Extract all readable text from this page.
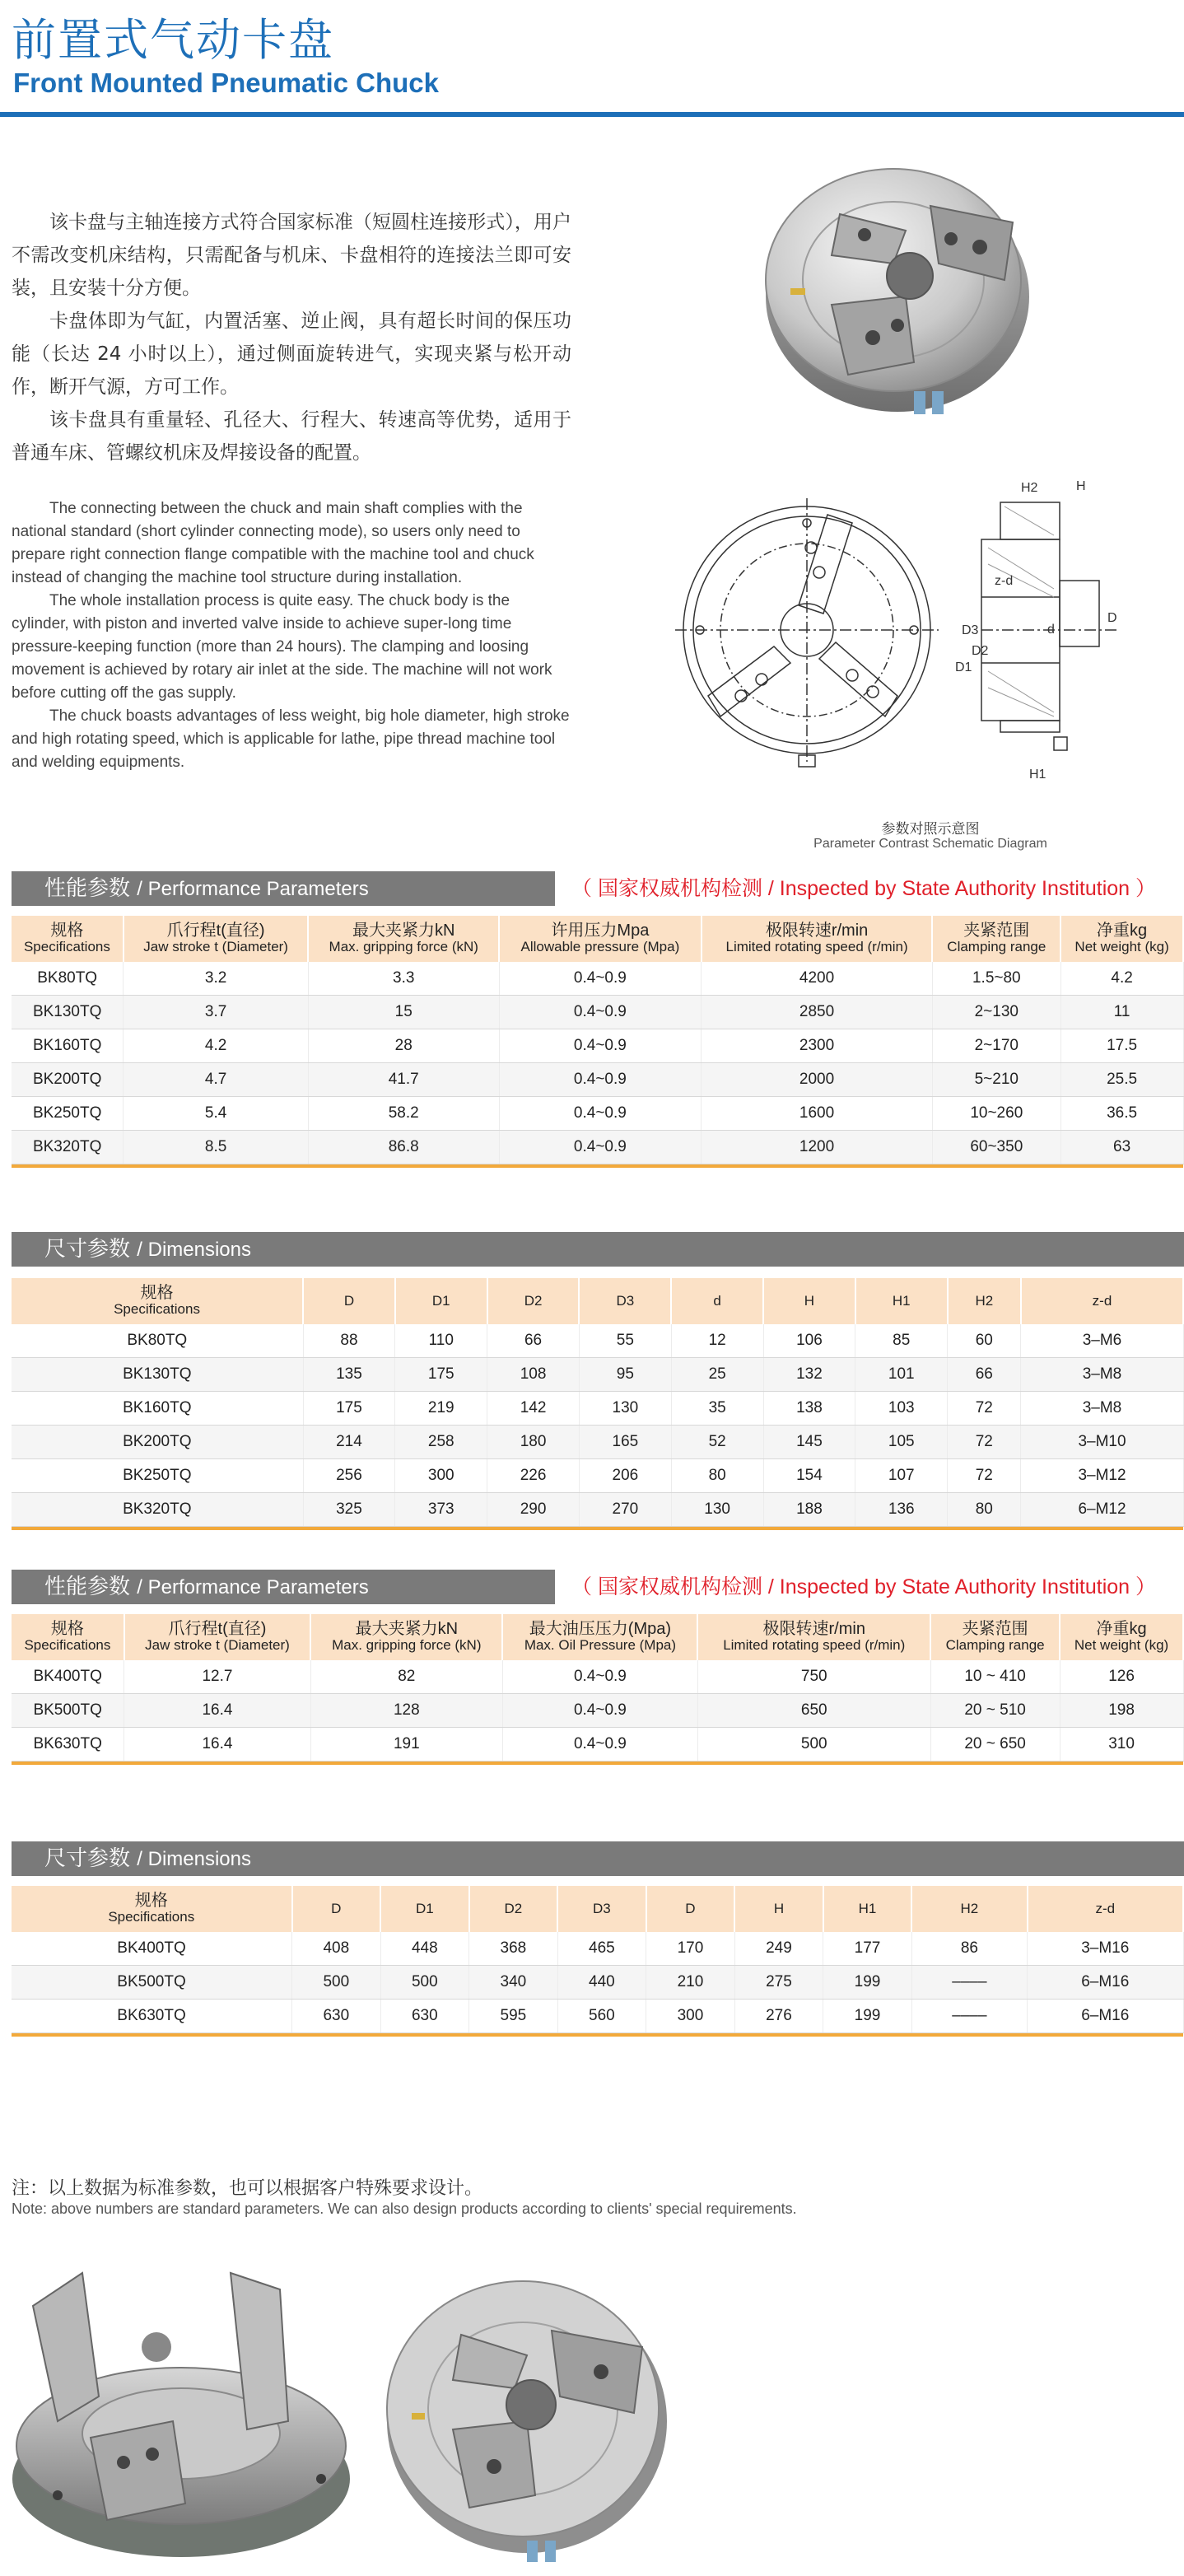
前置式气动卡盘
Front Mounted Pneumatic Chuck

该卡盘与主轴连接方式符合国家标准（短圆柱连接形式），用户不需改变机床结构，只需配备与机床、卡盘相符的连接法兰即可安装，且安装十分方便。

卡盘体即为气缸，内置活塞、逆止阀，具有超长时间的保压功能（长达 24 小时以上），通过侧面旋转进气，实现夹紧与松开动作，断开气源，方可工作。

该卡盘具有重量轻、孔径大、行程大、转速高等优势，适用于普通车床、管螺纹机床及焊接设备的配置。

The connecting between the chuck and main shaft complies with the national standard (short cylinder connecting mode), so users only need to prepare right connection flange compatible with the machine tool and chuck instead of changing the machine tool structure during installation.

The whole installation process is quite easy. The chuck body is the cylinder, with piston and inverted valve inside to achieve super-long time pressure-keeping function (more than 24 hours). The clamping and loosing movement is achieved by rotary air inlet at the side. The machine will not work before cutting off the gas supply.

The chuck boasts advantages of less weight, big hole diameter, high stroke and high rotating speed, which is applicable for lathe, pipe thread machine tool and welding equipments.

H2	H
D3
D2
D1
d
D
H1
z-d
参数对照示意图
Parameter Contrast Schematic Diagram
性能参数 / Performance Parameters	（ 国家权威机构检测 / Inspected by State Authority Institution ）
规格
Specifications	爪行程t(直径)
Jaw stroke t (Diameter)	最大夹紧力kN
Max. gripping force (kN)	许用压力Mpa
Allowable pressure (Mpa)	极限转速r/min
Limited rotating speed (r/min)	夹紧范围
Clamping range	净重kg
Net weight (kg)

BK80TQ	3.2	3.3	0.4~0.9	4200	1.5~80	4.2
BK130TQ	3.7	15	0.4~0.9	2850	2~130	11
BK160TQ	4.2	28	0.4~0.9	2300	2~170	17.5
BK200TQ	4.7	41.7	0.4~0.9	2000	5~210	25.5
BK250TQ	5.4	58.2	0.4~0.9	1600	10~260	36.5
BK320TQ	8.5	86.8	0.4~0.9	1200	60~350	63

尺寸参数 / Dimensions
规格
Specifications	D	D1	D2	D3	d	H	H1	H2	z-d

BK80TQ	88	110	66	55	12	106	85	60	3–M6
BK130TQ	135	175	108	95	25	132	101	66	3–M8
BK160TQ	175	219	142	130	35	138	103	72	3–M8
BK200TQ	214	258	180	165	52	145	105	72	3–M10
BK250TQ	256	300	226	206	80	154	107	72	3–M12
BK320TQ	325	373	290	270	130	188	136	80	6–M12

性能参数 / Performance Parameters	（ 国家权威机构检测 / Inspected by State Authority Institution ）
规格
Specifications	爪行程t(直径)
Jaw stroke t (Diameter)	最大夹紧力kN
Max. gripping force (kN)	最大油压压力(Mpa)
Max. Oil Pressure (Mpa)	极限转速r/min
Limited rotating speed (r/min)	夹紧范围
Clamping range	净重kg
Net weight (kg)

BK400TQ	12.7	82	0.4~0.9	750	10 ~ 410	126
BK500TQ	16.4	128	0.4~0.9	650	20 ~ 510	198
BK630TQ	16.4	191	0.4~0.9	500	20 ~ 650	310

尺寸参数 / Dimensions
规格
Specifications	D	D1	D2	D3	D	H	H1	H2	z-d

BK400TQ	408	448	368	465	170	249	177	86	3–M16
BK500TQ	500	500	340	440	210	275	199	––––	6–M16
BK630TQ	630	630	595	560	300	276	199	––––	6–M16

注：以上数据为标准参数，也可以根据客户特殊要求设计。
Note: above numbers are standard parameters. We can also design products according to clients' special requirements.
